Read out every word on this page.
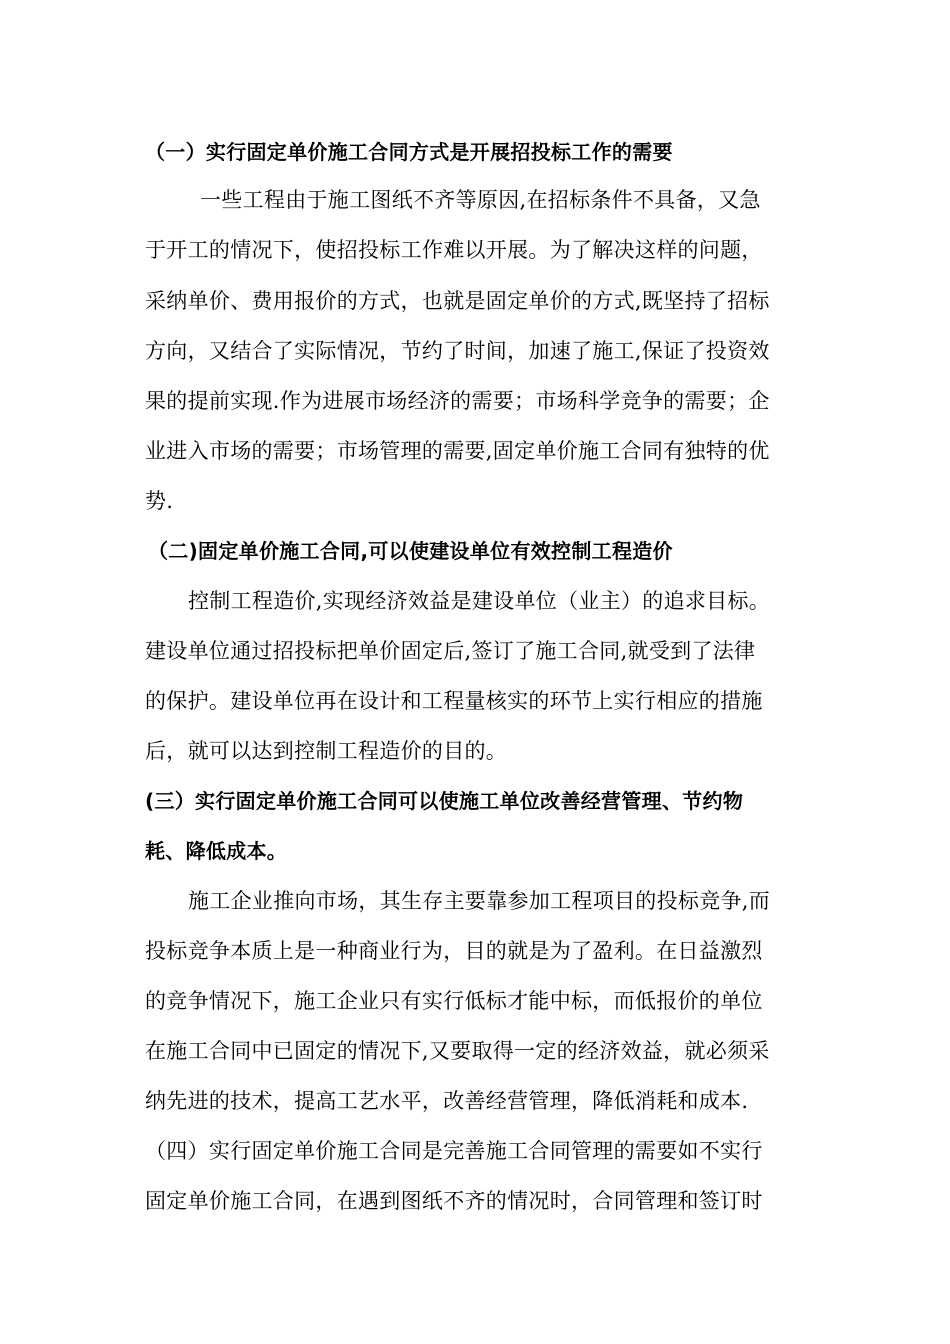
（一）实行固定单价施工合同方式是开展招投标工作的需要
一些工程由于施工图纸不齐等原因,在招标条件不具备，又急
于开工的情况下，使招投标工作难以开展。为了解决这样的问题，
采纳单价、费用报价的方式，也就是固定单价的方式,既坚持了招标
方向，又结合了实际情况，节约了时间，加速了施工,保证了投资效
果的提前实现.作为进展市场经济的需要；市场科学竞争的需要；企
业进入市场的需要；市场管理的需要,固定单价施工合同有独特的优
势.
（二)固定单价施工合同,可以使建设单位有效控制工程造价
控制工程造价,实现经济效益是建设单位（业主）的追求目标。
建设单位通过招投标把单价固定后,签订了施工合同,就受到了法律
的保护。建设单位再在设计和工程量核实的环节上实行相应的措施
后，就可以达到控制工程造价的目的。
(三）实行固定单价施工合同可以使施工单位改善经营管理、节约物
耗、降低成本。
施工企业推向市场，其生存主要靠参加工程项目的投标竞争,而
投标竞争本质上是一种商业行为，目的就是为了盈利。在日益激烈
的竞争情况下，施工企业只有实行低标才能中标，而低报价的单位
在施工合同中已固定的情况下,又要取得一定的经济效益，就必须采
纳先进的技术，提高工艺水平，改善经营管理，降低消耗和成本.
（四）实行固定单价施工合同是完善施工合同管理的需要如不实行
固定单价施工合同，在遇到图纸不齐的情况时，合同管理和签订时
